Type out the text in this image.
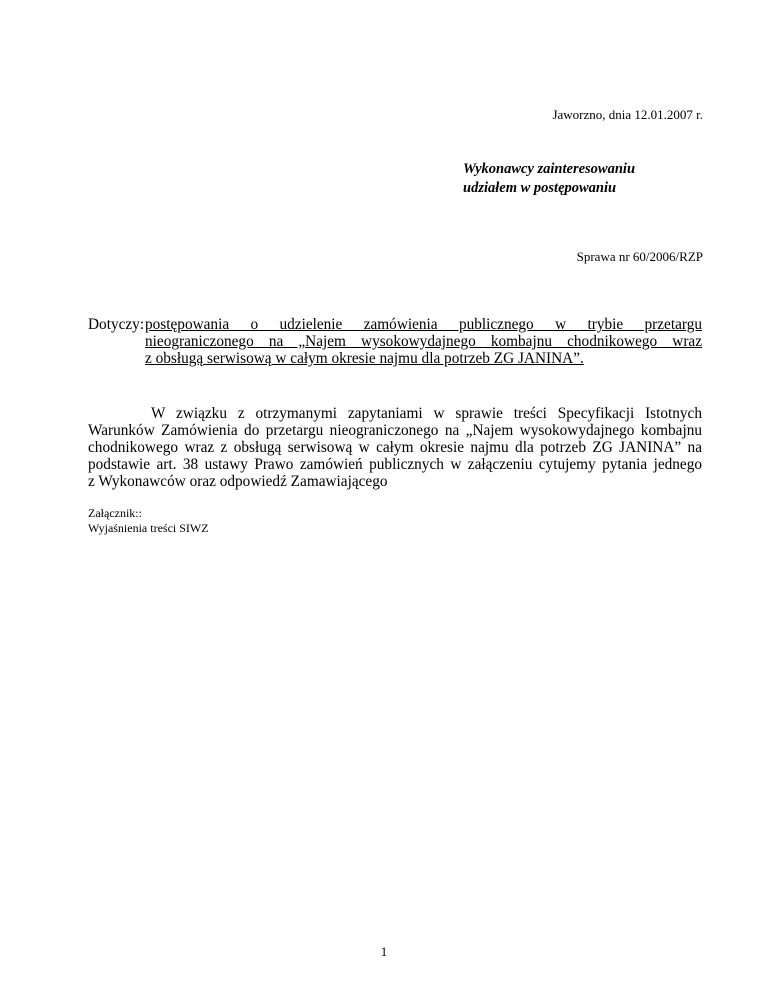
Jaworzno, dnia 12.01.2007 r.
Wykonawcy zainteresowaniu
udziałem w postępowaniu
Sprawa nr 60/2006/RZP
Dotyczy: postępowania o udzielenie zamówienia publicznego w trybie przetargu
nieograniczonego na „Najem wysokowydajnego kombajnu chodnikowego wraz
z obsługą serwisową w całym okresie najmu dla potrzeb ZG JANINA”.
W związku z otrzymanymi zapytaniami w sprawie treści Specyfikacji Istotnych
Warunków Zamówienia do przetargu nieograniczonego na „Najem wysokowydajnego kombajnu
chodnikowego wraz z obsługą serwisową w całym okresie najmu dla potrzeb ZG JANINA” na
podstawie art. 38 ustawy Prawo zamówień publicznych w załączeniu cytujemy pytania jednego
z Wykonawców oraz odpowiedź Zamawiającego
Załącznik::
Wyjaśnienia treści SIWZ
1
